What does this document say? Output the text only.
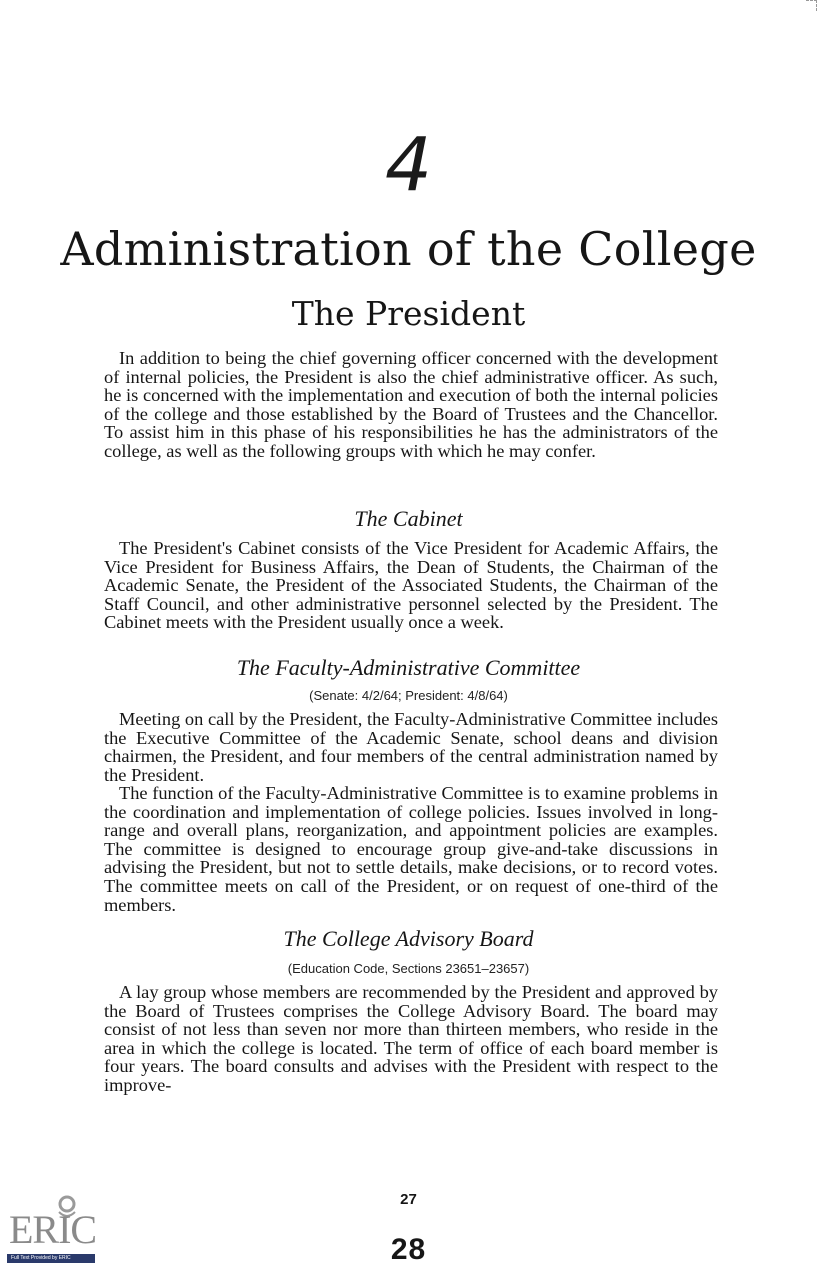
4
Administration of the College
The President

In addition to being the chief governing officer concerned with the development of internal policies, the President is also the chief administrative officer. As such, he is concerned with the implementation and execution of both the internal policies of the college and those established by the Board of Trustees and the Chancellor. To assist him in this phase of his responsibilities he has the administrators of the college, as well as the following groups with which he may confer.

The Cabinet

The President's Cabinet consists of the Vice President for Academic Affairs, the Vice President for Business Affairs, the Dean of Students, the Chairman of the Academic Senate, the President of the Associated Students, the Chairman of the Staff Council, and other administrative personnel selected by the President. The Cabinet meets with the President usually once a week.

The Faculty-Administrative Committee
(Senate: 4/2/64; President: 4/8/64)

Meeting on call by the President, the Faculty-Administrative Committee includes the Executive Committee of the Academic Senate, school deans and division chairmen, the President, and four members of the central administration named by the President.

The function of the Faculty-Administrative Committee is to examine problems in the coordination and implementation of college policies. Issues involved in long-range and overall plans, reorganization, and appointment policies are examples. The committee is designed to encourage group give-and-take discussions in advising the President, but not to settle details, make decisions, or to record votes. The committee meets on call of the President, or on request of one-third of the members.

The College Advisory Board
(Education Code, Sections 23651–23657)

A lay group whose members are recommended by the President and approved by the Board of Trustees comprises the College Advisory Board. The board may consist of not less than seven nor more than thirteen members, who reside in the area in which the college is located. The term of office of each board member is four years. The board consults and advises with the President with respect to the improve-

27
28
ERIC
Full Text Provided by ERIC
